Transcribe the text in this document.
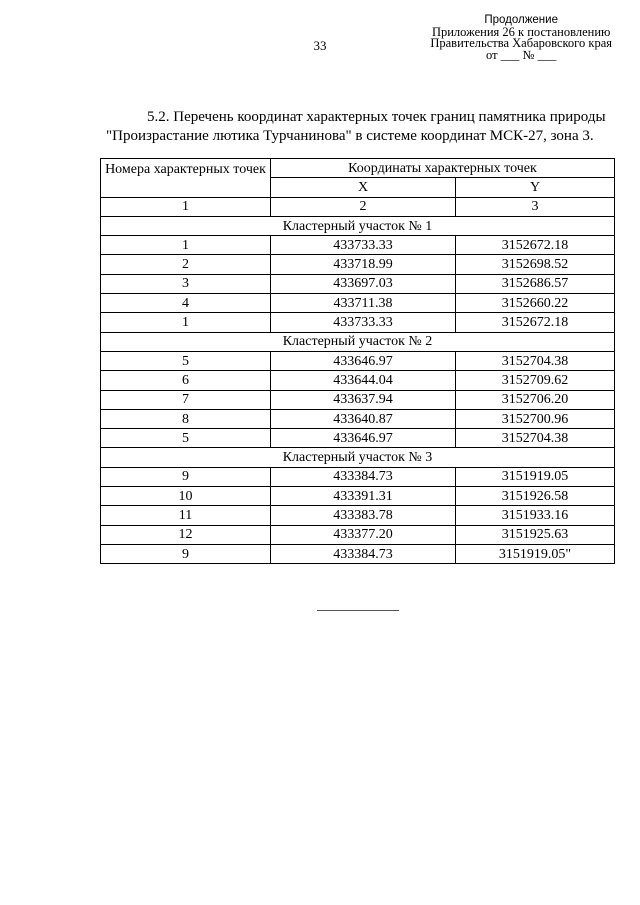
33
Продолжение
Приложения 26 к постановлению
Правительства Хабаровского края
от ___ № ___
5.2. Перечень координат характерных точек границ памятника природы
"Произрастание лютика Турчанинова" в системе координат МСК-27, зона 3.
Номера характерных точек	Координаты характерных точек	
	X	Y
1	2	3
Кластерный участок № 1		
1	433733.33	3152672.18
2	433718.99	3152698.52
3	433697.03	3152686.57
4	433711.38	3152660.22
1	433733.33	3152672.18
Кластерный участок № 2		
5	433646.97	3152704.38
6	433644.04	3152709.62
7	433637.94	3152706.20
8	433640.87	3152700.96
5	433646.97	3152704.38
Кластерный участок № 3		
9	433384.73	3151919.05
10	433391.31	3151926.58
11	433383.78	3151933.16
12	433377.20	3151925.63
9	433384.73	3151919.05"
